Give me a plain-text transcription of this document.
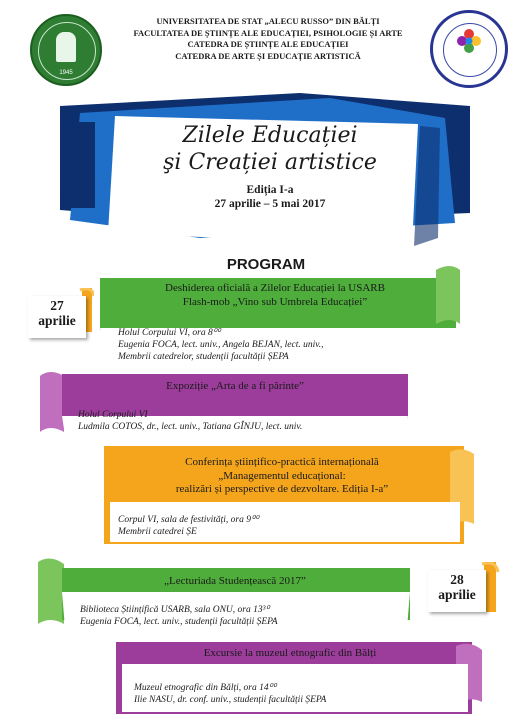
1945
UNIVERSITATEA DE STAT „ALECU RUSSO” DIN BĂLȚI
FACULTATEA DE ȘTIINȚE ALE EDUCAȚIEI, PSIHOLOGIE ȘI ARTE
CATEDRA DE ȘTIINȚE ALE EDUCAȚIEI
CATEDRA DE ARTE ȘI EDUCAȚIE ARTISTICĂ
Zilele Educației
şi Creației artistice
Ediția I-a
27 aprilie – 5 mai 2017
PROGRAM
Deshiderea oficială a Zilelor Educației la USARB
Flash-mob „Vino sub Umbrela Educației”
Holul Corpului VI, ora 8⁰⁰
Eugenia FOCA, lect. univ., Angela BEJAN, lect. univ.,
Membrii catedrelor, studenții facultății ȘEPA
27
aprilie
Expoziție „Arta de a fi părinte”
Holul Corpului VI
Ludmila COTOS, dr., lect. univ., Tatiana GÎNJU, lect. univ.
Conferința științifico-practică internațională
„Managementul educațional:
realizări și perspective de dezvoltare. Ediția I-a”
Corpul VI, sala de festivități, ora 9⁰⁰
Membrii catedrei ȘE
„Lecturiada Studențească 2017”
Biblioteca Științifică USARB, sala ONU, ora 13³⁰
Eugenia FOCA, lect. univ., studenții facultății ȘEPA
28
aprilie
Excursie la muzeul etnografic din Bălți
Muzeul etnografic din Bălți, ora 14⁰⁰
Ilie NASU, dr. conf. univ., studenții facultății ȘEPA
